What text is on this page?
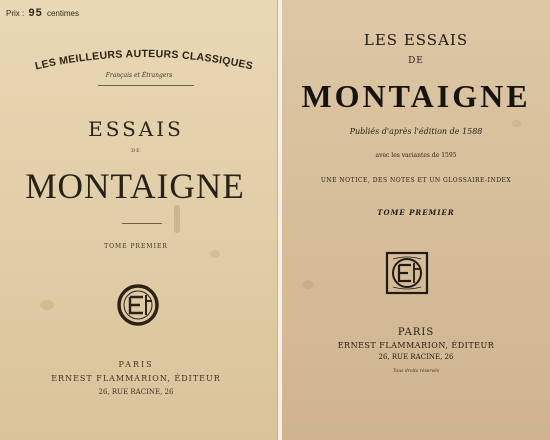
Prix : 95 centimes
LES MEILLEURS AUTEURS CLASSIQUES
Français et Étrangers
ESSAIS
DE
MONTAIGNE
TOME PREMIER
PARIS
ERNEST FLAMMARION, ÉDITEUR
26, RUE RACINE, 26
LES ESSAIS
DE
MONTAIGNE
Publiés d'après l'édition de 1588
avec les variantes de 1595
UNE NOTICE, DES NOTES ET UN GLOSSAIRE-INDEX
TOME PREMIER
PARIS
ERNEST FLAMMARION, ÉDITEUR
26, RUE RACINE, 26
Tous droits réservés
